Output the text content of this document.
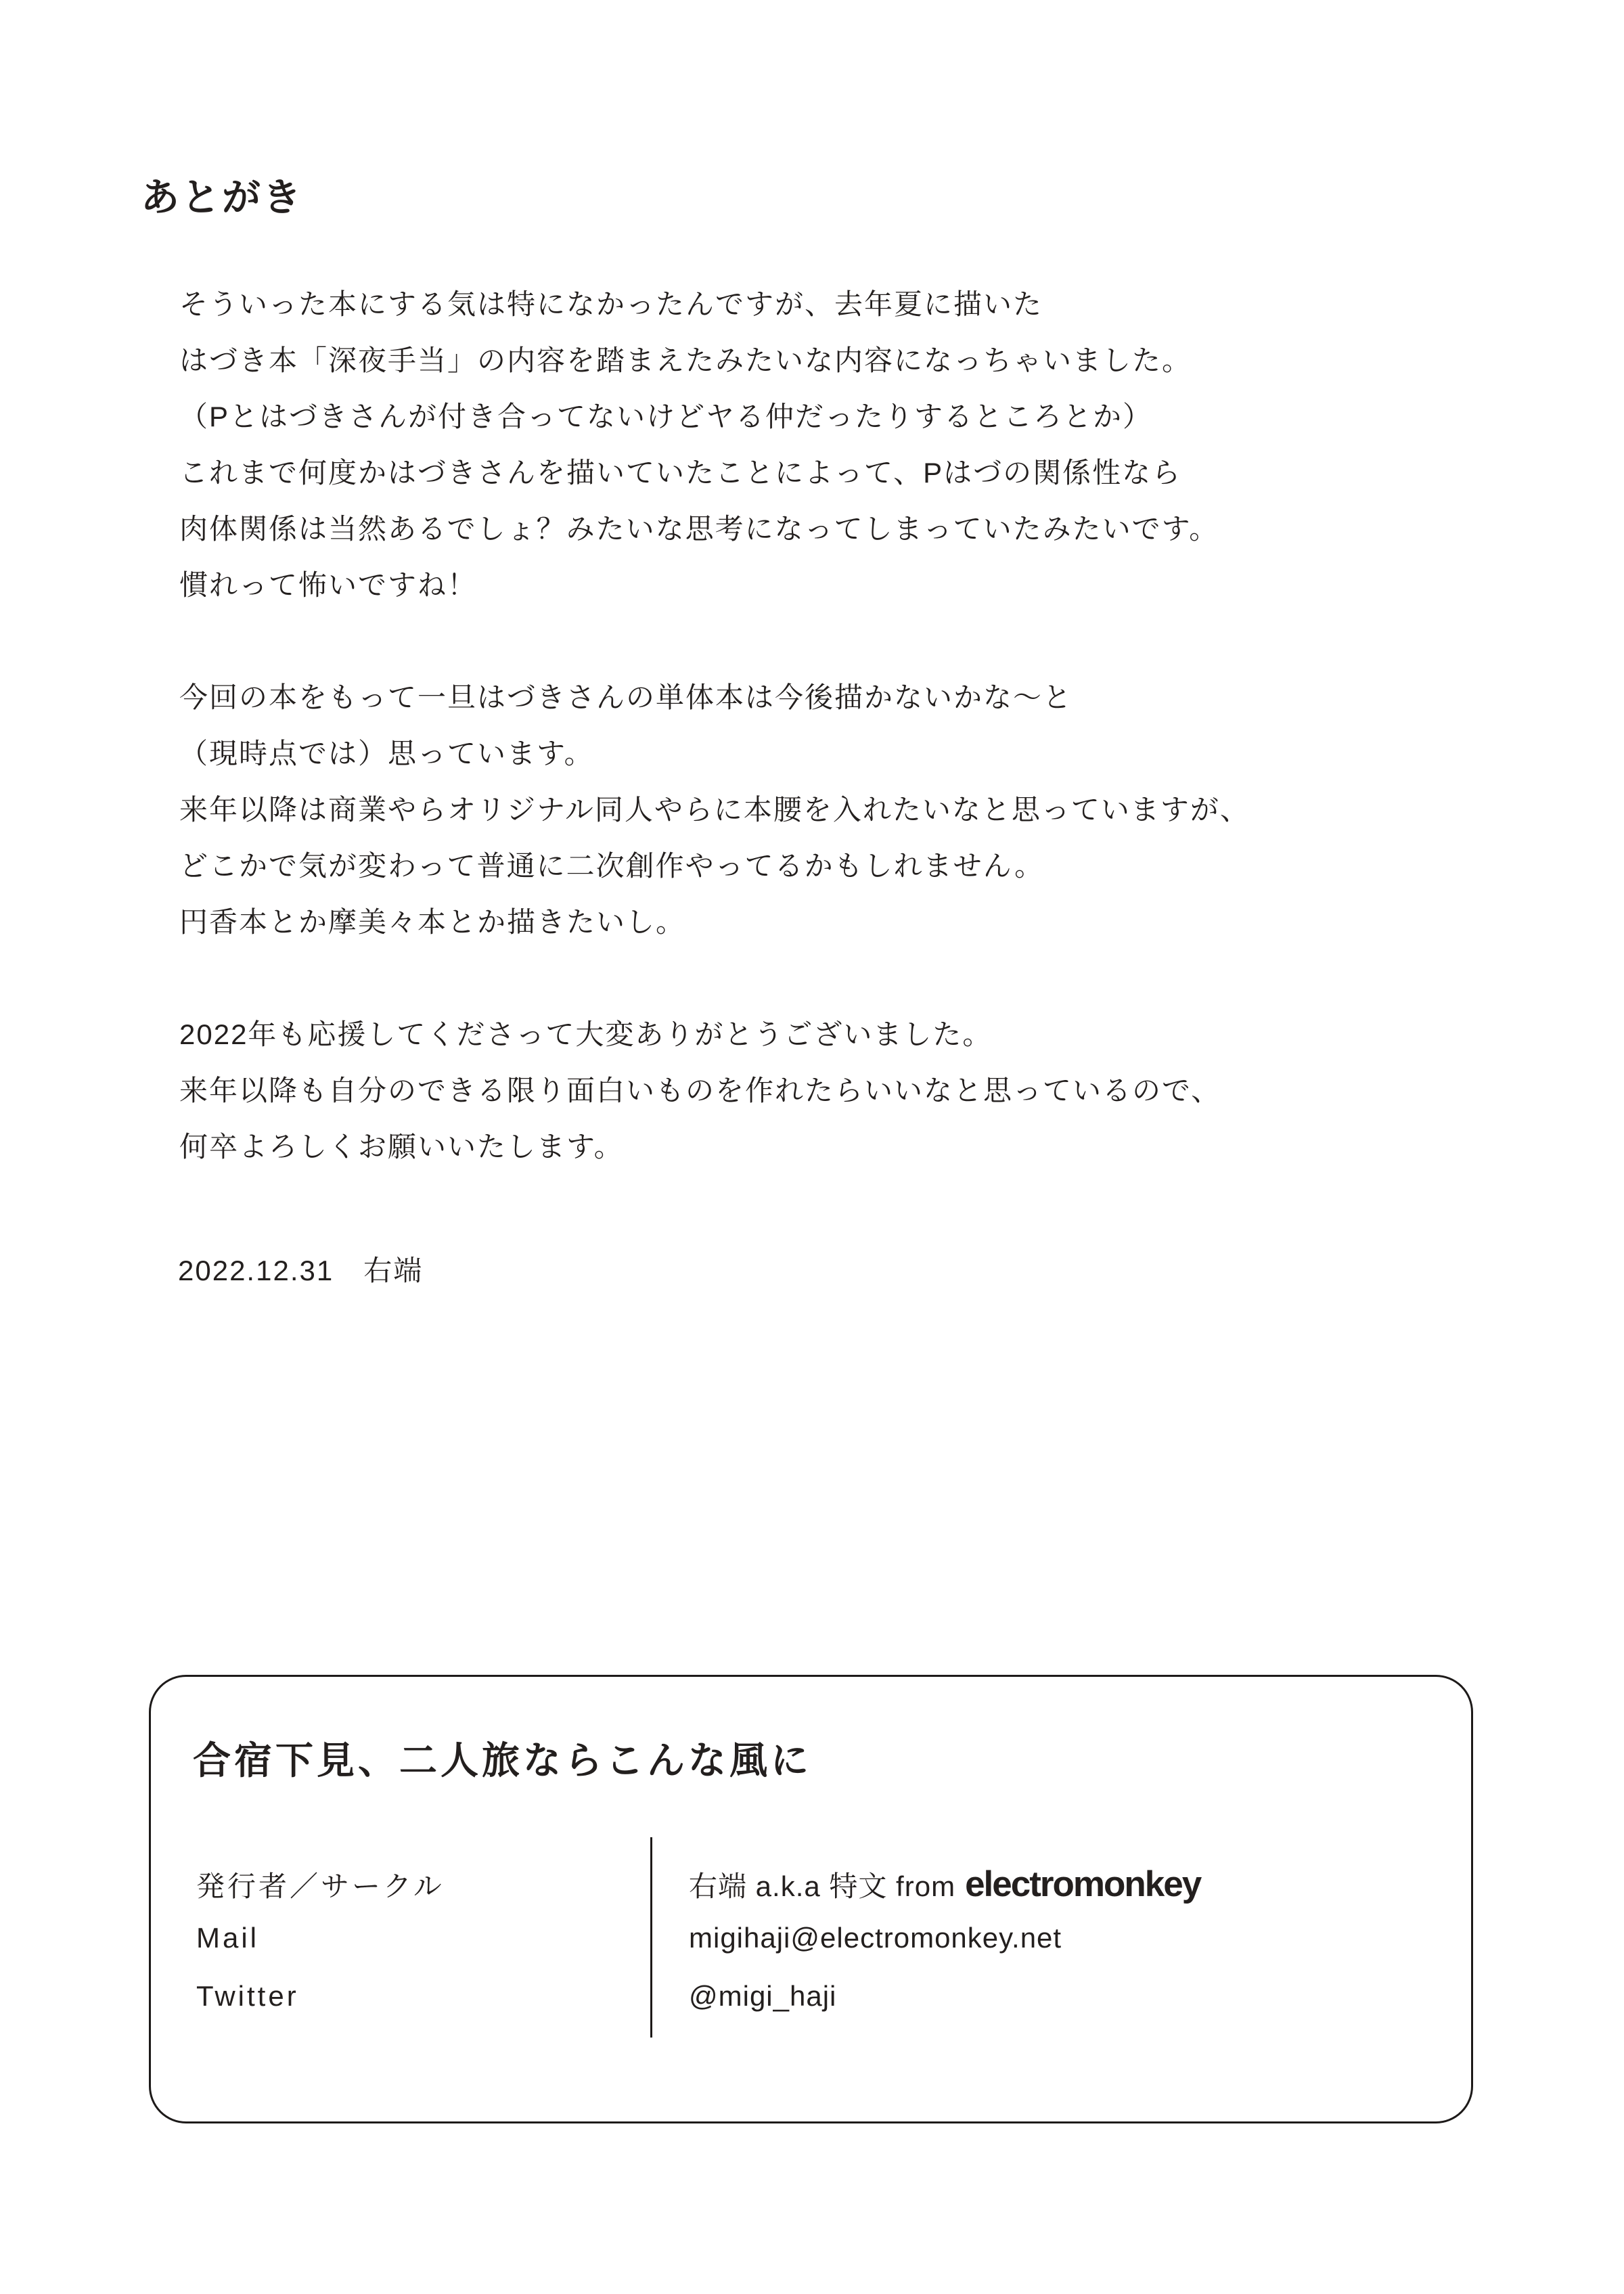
あとがき

そういった本にする気は特になかったんですが、去年夏に描いた
はづき本「深夜手当」の内容を踏まえたみたいな内容になっちゃいました。
（Pとはづきさんが付き合ってないけどヤる仲だったりするところとか）
これまで何度かはづきさんを描いていたことによって、Pはづの関係性なら
肉体関係は当然あるでしょ？みたいな思考になってしまっていたみたいです。
慣れって怖いですね！

今回の本をもって一旦はづきさんの単体本は今後描かないかな～と
（現時点では）思っています。
来年以降は商業やらオリジナル同人やらに本腰を入れたいなと思っていますが、
どこかで気が変わって普通に二次創作やってるかもしれません。
円香本とか摩美々本とか描きたいし。

2022年も応援してくださって大変ありがとうございました。
来年以降も自分のできる限り面白いものを作れたらいいなと思っているので、
何卒よろしくお願いいたします。

2022.12.31　右端
合宿下見、二人旅ならこんな風に
発行者／サークル	右端 a.k.a 特文 from electromonkey
Mail	migihaji@electromonkey.net
Twitter	@migi_haji
